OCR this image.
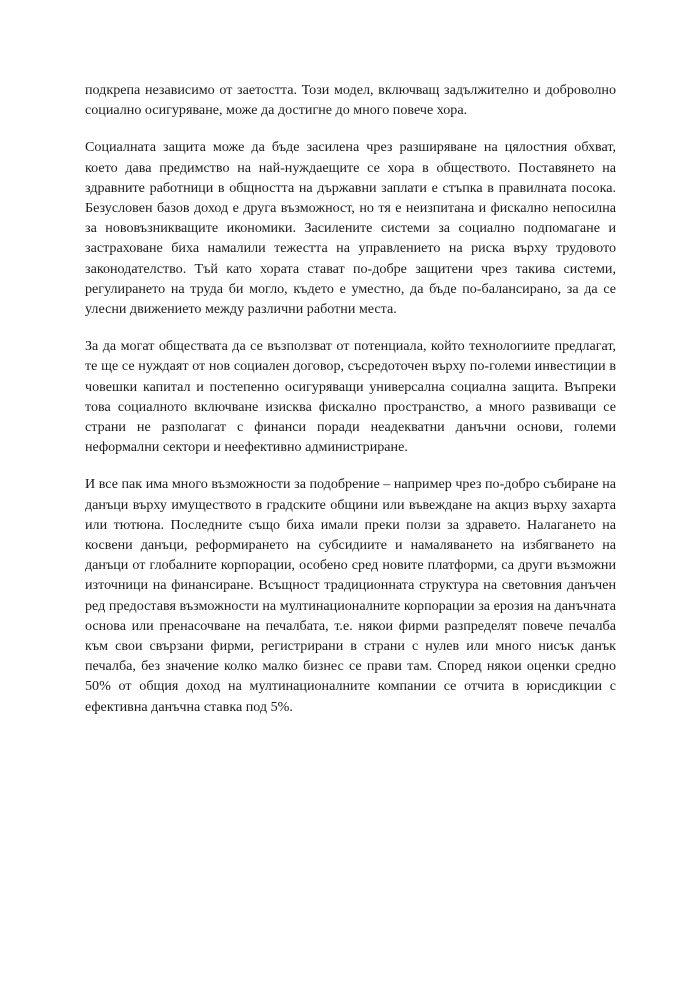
подкрепа независимо от заетостта. Този модел, включващ задължително и доброволно
социално осигуряване, може да достигне до много повече хора.
Социалната защита може да бъде засилена чрез разширяване на цялостния обхват,
което дава предимство на най-нуждаещите се хора в обществото. Поставянето на
здравните работници в общността на държавни заплати е стъпка в правилната посока.
Безусловен базов доход е друга възможност, но тя е неизпитана и фискално непосилна
за нововъзникващите икономики. Засилените системи за социално подпомагане и
застраховане биха намалили тежестта на управлението на риска върху трудовото
законодателство. Тъй като хората стават по-добре защитени чрез такива системи,
регулирането на труда би могло, където е уместно, да бъде по-балансирано, за да се
улесни движението между различни работни места.
За да могат обществата да се възползват от потенциала, който технологиите предлагат,
те ще се нуждаят от нов социален договор, съсредоточен върху по-големи инвестиции в
човешки капитал и постепенно осигуряващи универсална социална защита. Въпреки
това социалното включване изисква фискално пространство, а много развиващи се
страни не разполагат с финанси поради неадекватни данъчни основи, големи
неформални сектори и неефективно администриране.
И все пак има много възможности за подобрение – например чрез по-добро събиране на
данъци върху имуществото в градските общини или въвеждане на акциз върху захарта
или тютюна. Последните също биха имали преки ползи за здравето. Налагането на
косвени данъци, реформирането на субсидиите и намаляването на избягването на
данъци от глобалните корпорации, особено сред новите платформи, са други възможни
източници на финансиране. Всъщност традиционната структура на световния данъчен
ред предоставя възможности на мултинационалните корпорации за ерозия на данъчната
основа или пренасочване на печалбата, т.е. някои фирми разпределят повече печалба
към свои свързани фирми, регистрирани в страни с нулев или много нисък данък
печалба, без значение колко малко бизнес се прави там. Според някои оценки средно
50% от общия доход на мултинационалните компании се отчита в юрисдикции с
ефективна данъчна ставка под 5%.
